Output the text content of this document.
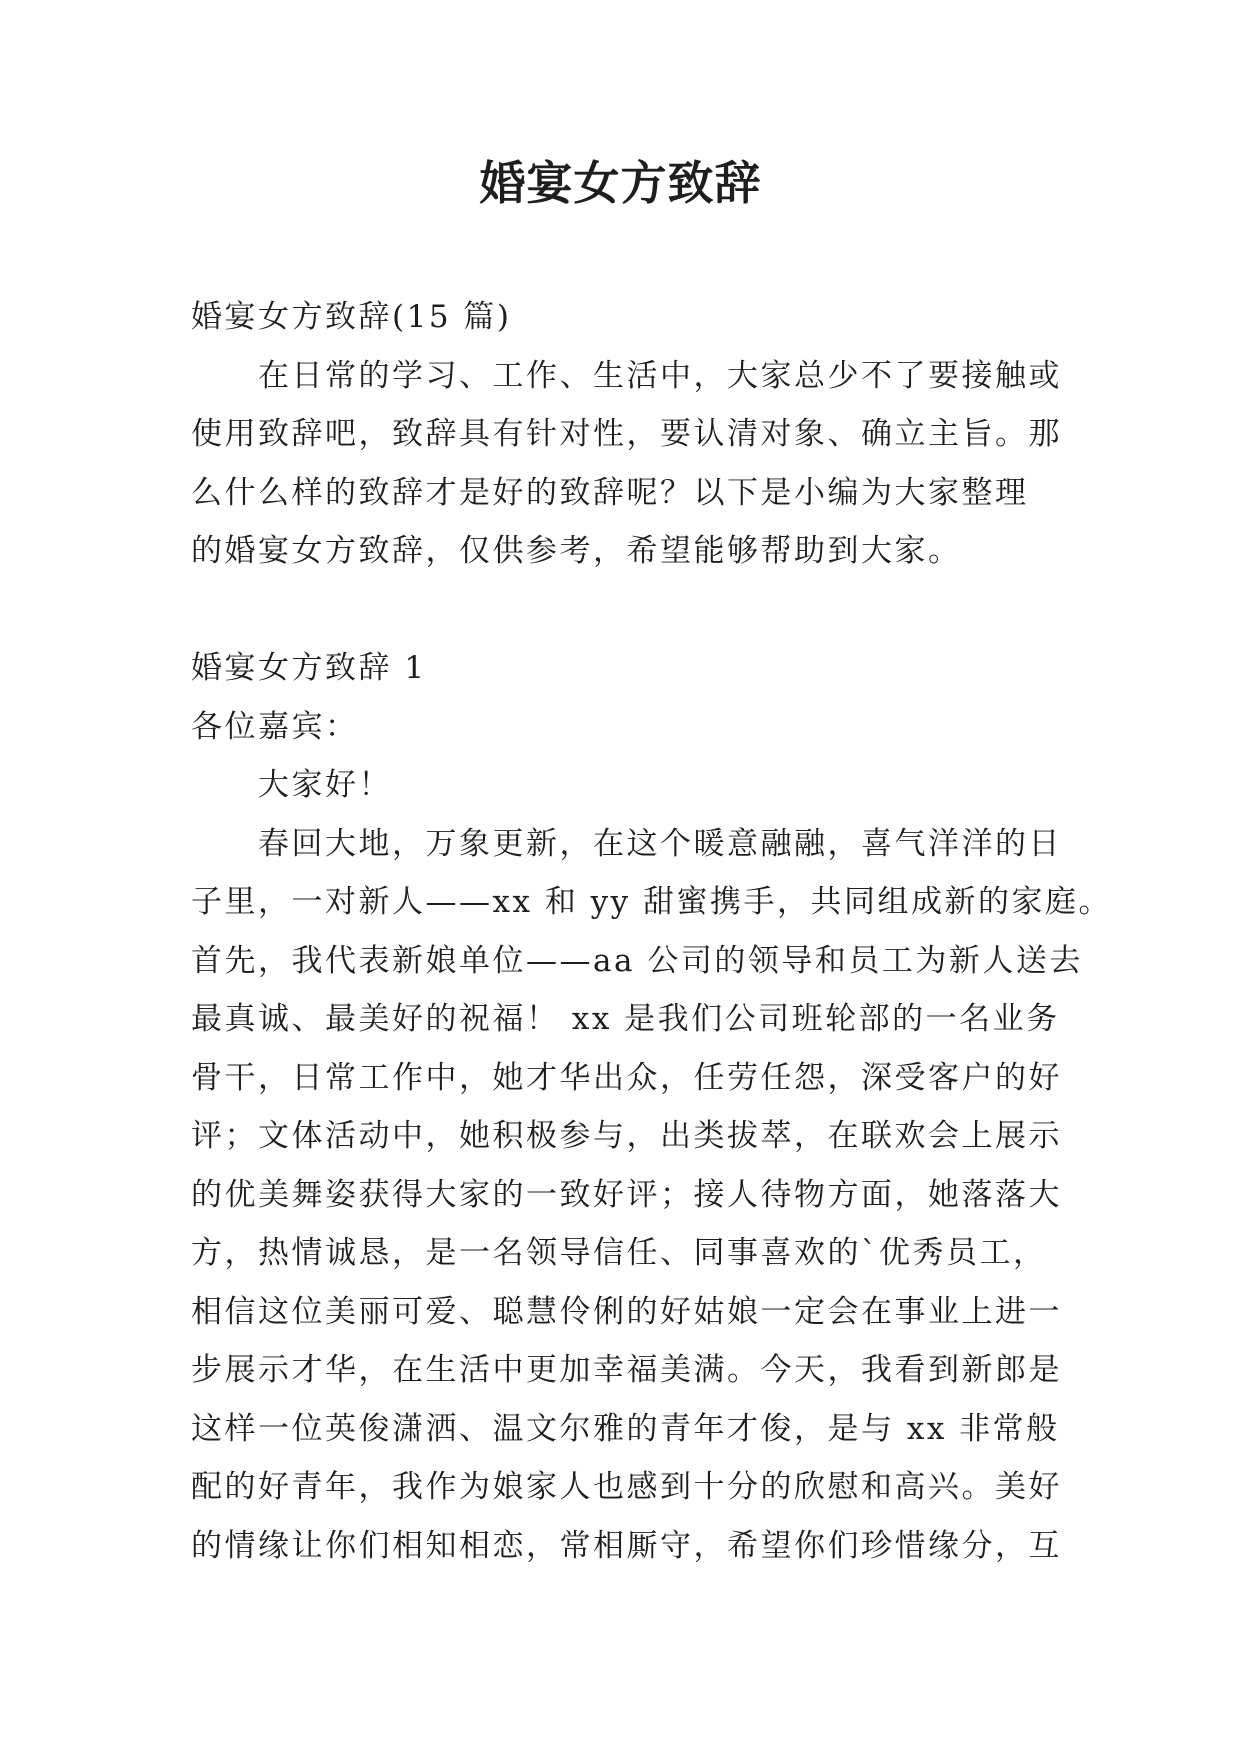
婚宴女方致辞

婚宴女方致辞(15 篇)

在日常的学习、工作、生活中，大家总少不了要接触或

使用致辞吧，致辞具有针对性，要认清对象、确立主旨。那

么什么样的致辞才是好的致辞呢？以下是小编为大家整理

的婚宴女方致辞，仅供参考，希望能够帮助到大家。

婚宴女方致辞 1

各位嘉宾：

大家好！

春回大地，万象更新，在这个暖意融融，喜气洋洋的日

子里，一对新人——xx 和 yy 甜蜜携手，共同组成新的家庭。

首先，我代表新娘单位——aa 公司的领导和员工为新人送去

最真诚、最美好的祝福！ xx 是我们公司班轮部的一名业务

骨干，日常工作中，她才华出众，任劳任怨，深受客户的好

评；文体活动中，她积极参与，出类拔萃，在联欢会上展示

的优美舞姿获得大家的一致好评；接人待物方面，她落落大

方，热情诚恳，是一名领导信任、同事喜欢的`优秀员工，

相信这位美丽可爱、聪慧伶俐的好姑娘一定会在事业上进一

步展示才华，在生活中更加幸福美满。今天，我看到新郎是

这样一位英俊潇洒、温文尔雅的青年才俊，是与 xx 非常般

配的好青年，我作为娘家人也感到十分的欣慰和高兴。美好

的情缘让你们相知相恋，常相厮守，希望你们珍惜缘分，互
